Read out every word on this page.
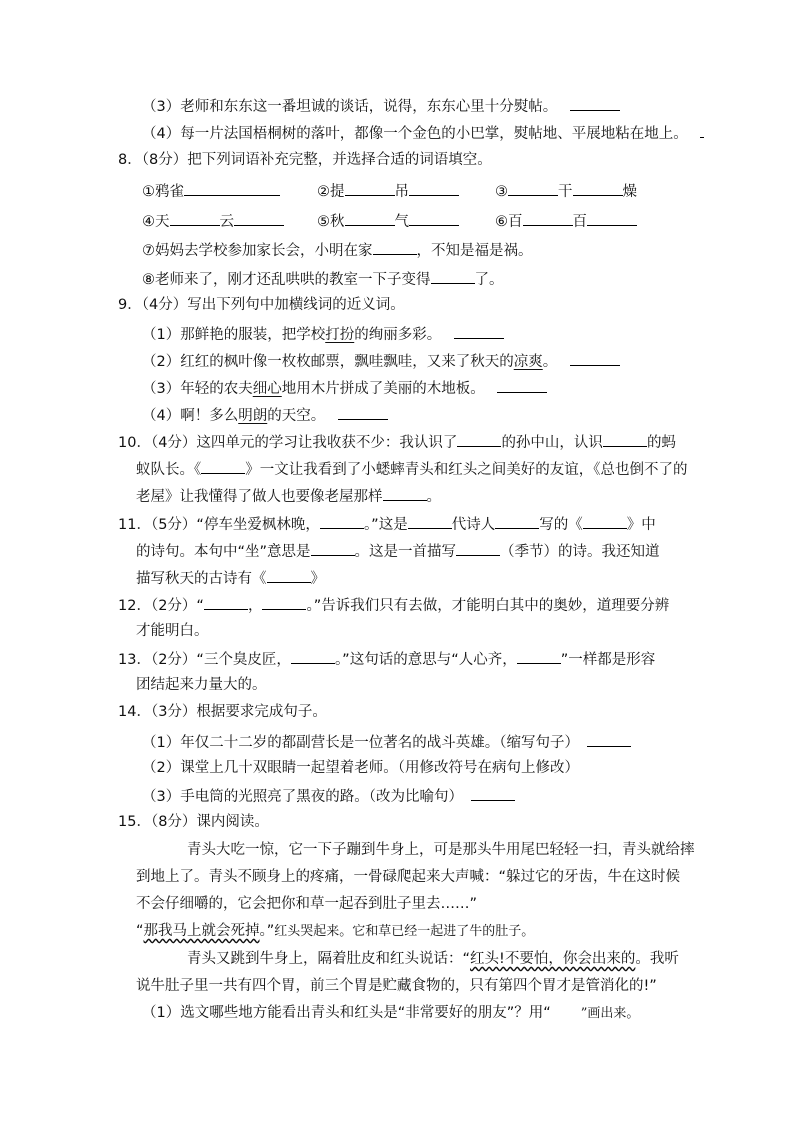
（3）老师和东东这一番坦诚的谈话，说得，东东心里十分熨帖。
（4）每一片法国梧桐树的落叶，都像一个金色的小巴掌，熨帖地、平展地粘在地上。
8．（8分）把下列词语补充完整，并选择合适的词语填空。
①鸦雀	②提	吊	③	干	燥
④天	云	⑤秋	气	⑥百	百
⑦妈妈去学校参加家长会，小明在家	，不知是福是祸。
⑧老师来了，刚才还乱哄哄的教室一下子变得	了。
9．（4分）写出下列句中加横线词的近义词。
（1）那鲜艳的服装，把学校打扮的绚丽多彩。
（2）红红的枫叶像一枚枚邮票，飘哇飘哇，又来了秋天的凉爽。
（3）年轻的农夫细心地用木片拼成了美丽的木地板。
（4）啊！多么明朗的天空。
10．（4分）这四单元的学习让我收获不少：我认识了	的孙中山，认识	的蚂
蚁队长。《	》一文让我看到了小蟋蟀青头和红头之间美好的友谊，《总也倒不了的
老屋》让我懂得了做人也要像老屋那样	。
11．（5分）“停车坐爱枫林晚，	。”这是	代诗人	写的《	》中
的诗句。本句中“坐”意思是	。这是一首描写	（季节）的诗。我还知道
描写秋天的古诗有《	》
12．（2分）“	，	。”告诉我们只有去做，才能明白其中的奥妙，道理要分辨
才能明白。
13．（2分）“三个臭皮匠，	。”这句话的意思与“人心齐，	”一样都是形容
团结起来力量大的。
14．（3分）根据要求完成句子。
（1）年仅二十二岁的都副营长是一位著名的战斗英雄。（缩写句子）
（2）课堂上几十双眼睛一起望着老师。（用修改符号在病句上修改）
（3）手电筒的光照亮了黑夜的路。（改为比喻句）
15．（8分）课内阅读。
青头大吃一惊，它一下子蹦到牛身上，可是那头牛用尾巴轻轻一扫，青头就给摔
到地上了。青头不顾身上的疼痛，一骨碌爬起来大声喊：“躲过它的牙齿，牛在这时候
不会仔细嚼的，它会把你和草一起吞到肚子里去……”
“那我马上就会死掉。”红头哭起来。它和草已经一起进了牛的肚子。
青头又跳到牛身上，隔着肚皮和红头说话：“红头!不要怕，你会出来的。我听
说牛肚子里一共有四个胃，前三个胃是贮藏食物的，只有第四个胃才是管消化的!”
（1）选文哪些地方能看出青头和红头是“非常要好的朋友”？用“ ”画出来。
